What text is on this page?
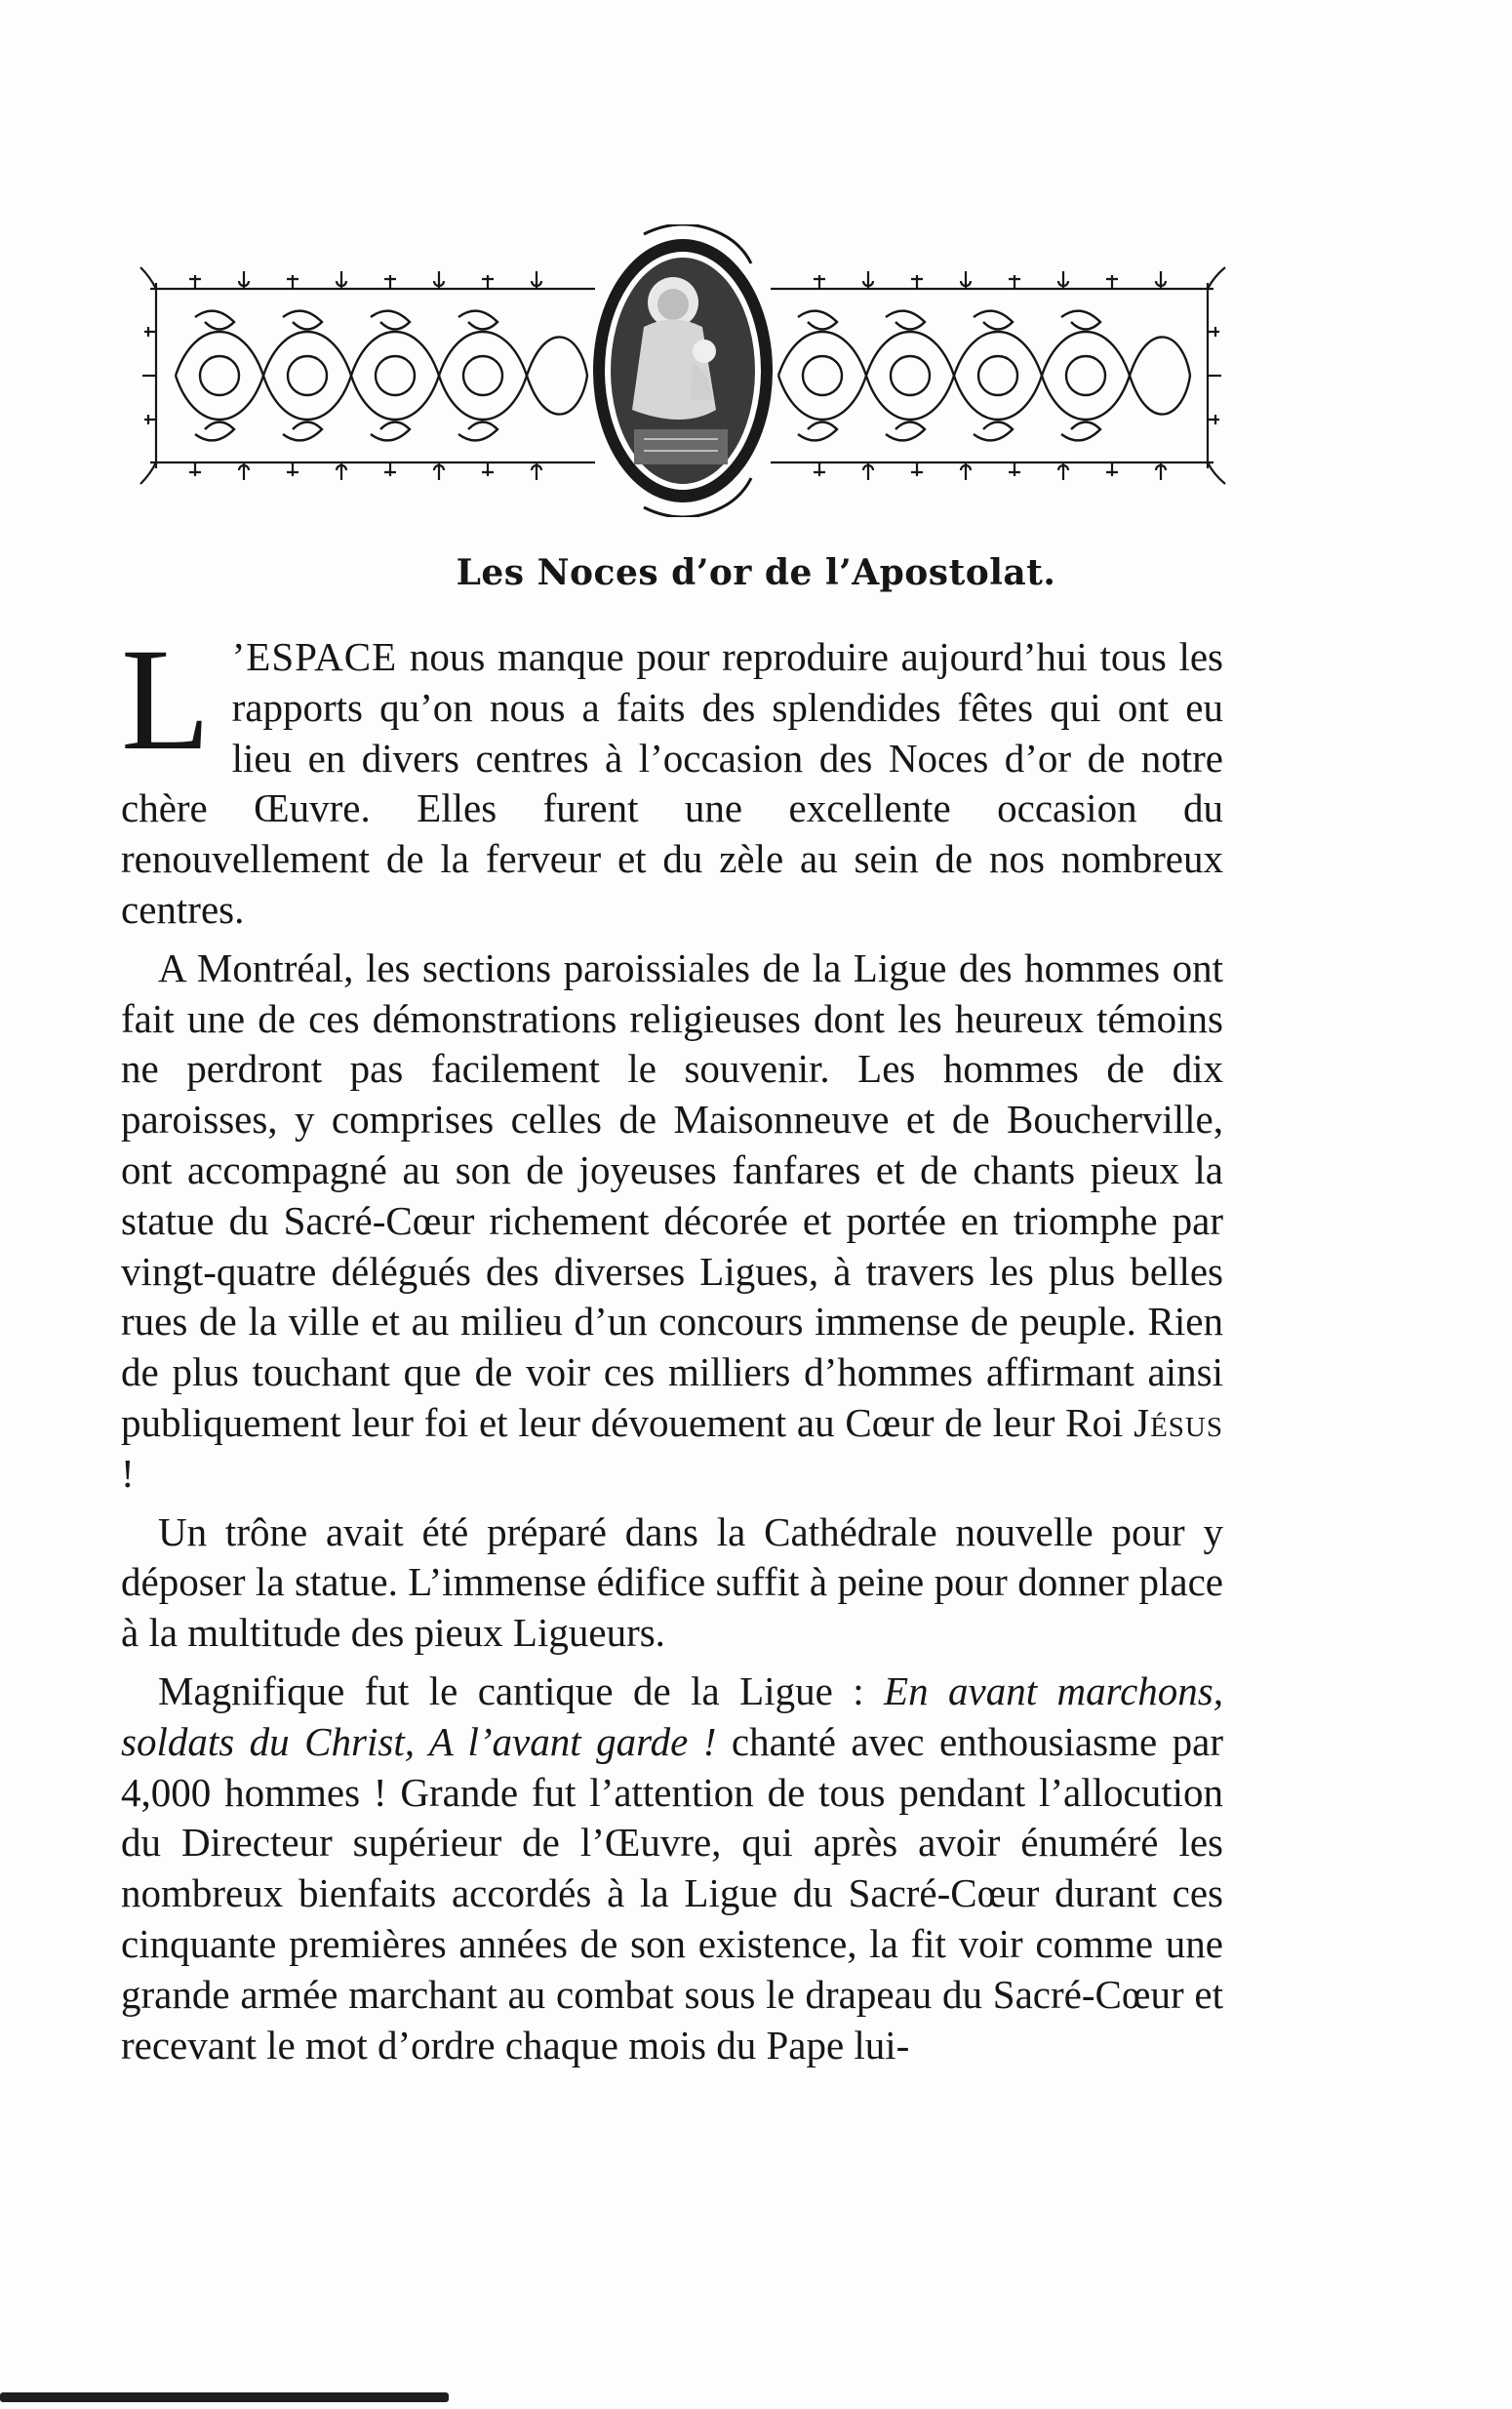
Les Noces d’or de l’Apostolat.

L ’ESPACE nous manque pour reproduire aujourd’hui tous les rapports qu’on nous a faits des splendides fêtes qui ont eu lieu en divers centres à l’occasion des Noces d’or de notre chère Œuvre. Elles furent une excellente occasion du renouvellement de la ferveur et du zèle au sein de nos nombreux centres.

A Montréal, les sections paroissiales de la Ligue des hommes ont fait une de ces démonstrations religieuses dont les heureux témoins ne perdront pas facilement le souvenir. Les hommes de dix paroisses, y comprises celles de Maisonneuve et de Boucherville, ont accompagné au son de joyeuses fanfares et de chants pieux la statue du Sacré-Cœur richement décorée et portée en triomphe par vingt-quatre délégués des diverses Ligues, à travers les plus belles rues de la ville et au milieu d’un concours immense de peuple. Rien de plus touchant que de voir ces milliers d’hommes affirmant ainsi publiquement leur foi et leur dévouement au Cœur de leur Roi Jésus !

Un trône avait été préparé dans la Cathédrale nouvelle pour y déposer la statue. L’immense édifice suffit à peine pour donner place à la multitude des pieux Ligueurs.

Magnifique fut le cantique de la Ligue : En avant marchons, soldats du Christ, A l’avant garde ! chanté avec enthousiasme par 4,000 hommes ! Grande fut l’attention de tous pendant l’allocution du Directeur supérieur de l’Œuvre, qui après avoir énuméré les nombreux bienfaits accordés à la Ligue du Sacré-Cœur durant ces cinquante premières années de son existence, la fit voir comme une grande armée marchant au combat sous le drapeau du Sacré-Cœur et recevant le mot d’ordre chaque mois du Pape lui-
